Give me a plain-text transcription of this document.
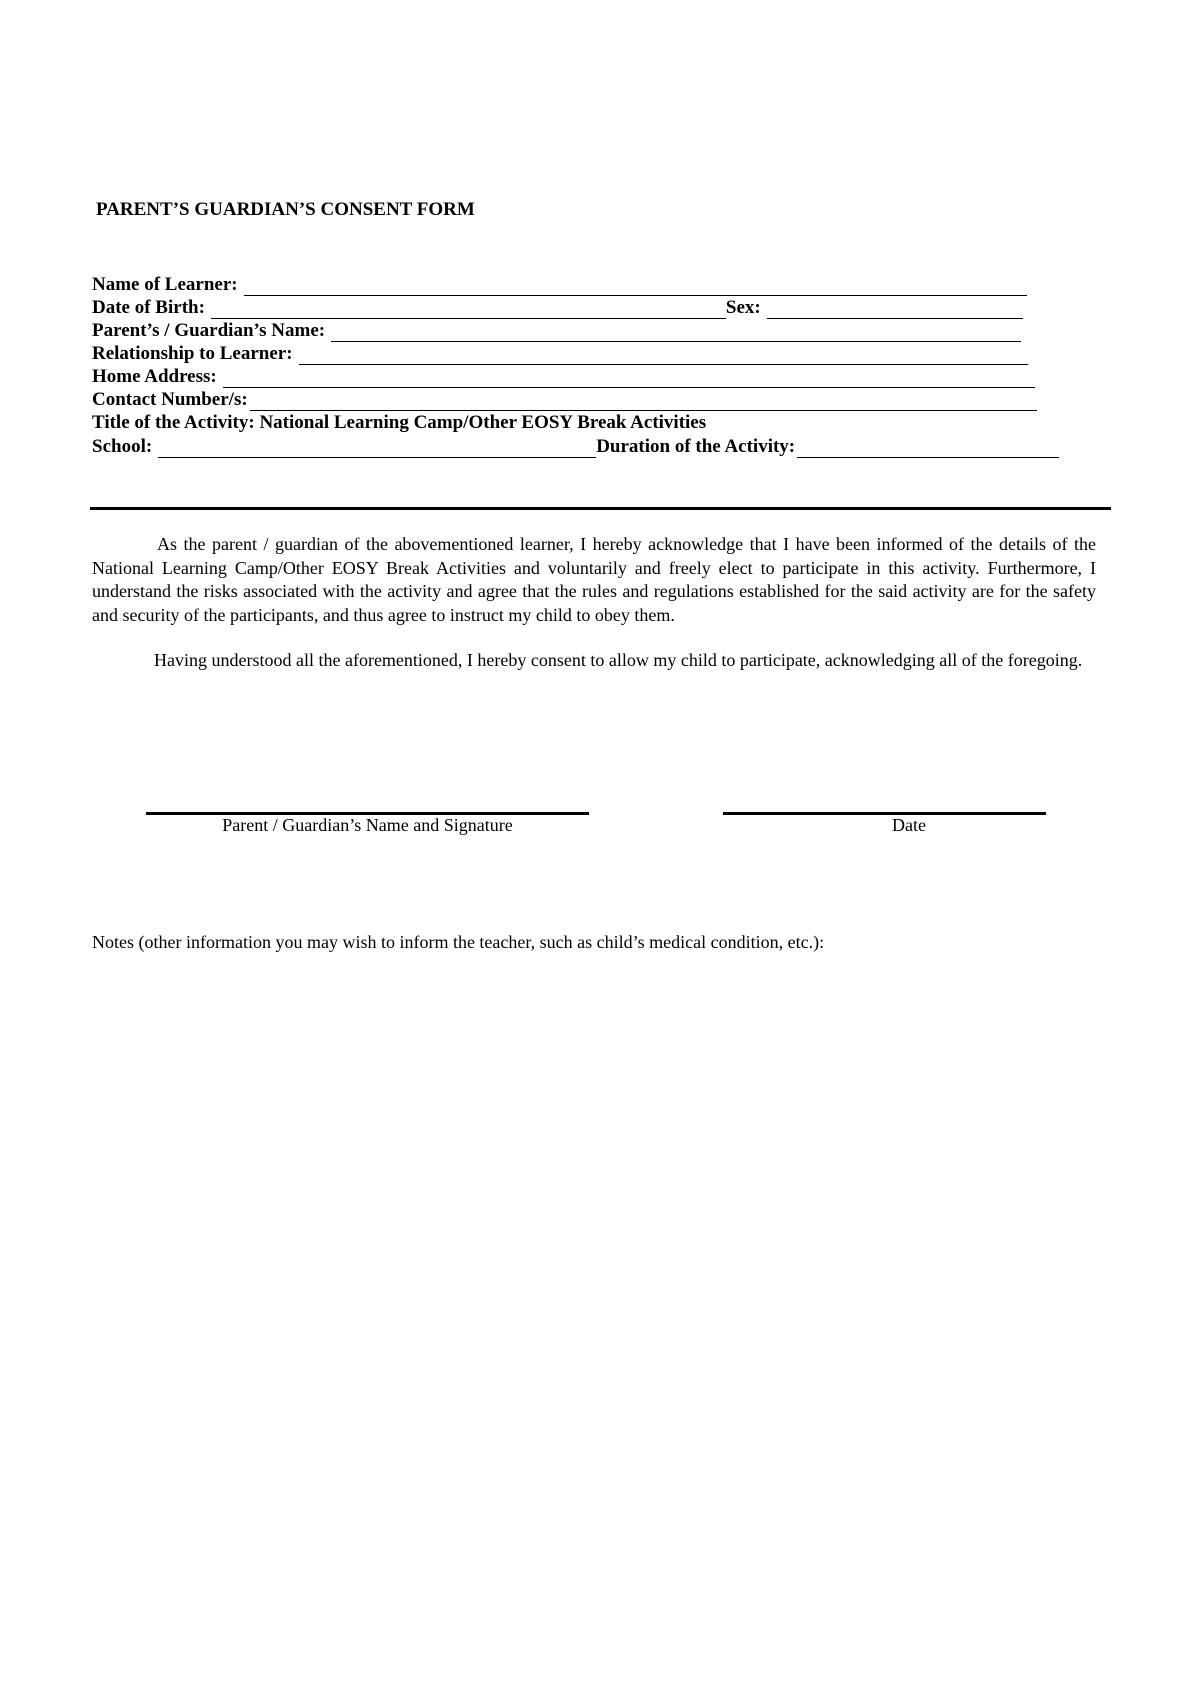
PARENT’S GUARDIAN’S CONSENT FORM
Name of Learner:
Date of Birth:	Sex:
Parent’s / Guardian’s Name:
Relationship to Learner:
Home Address:
Contact Number/s:
Title of the Activity: National Learning Camp/Other EOSY Break Activities
School:	Duration of the Activity:
As the parent / guardian of the abovementioned learner, I hereby acknowledge that I have been informed of the details of the National Learning Camp/Other EOSY Break Activities and voluntarily and freely elect to participate in this activity. Furthermore, I understand the risks associated with the activity and agree that the rules and regulations established for the said activity are for the safety and security of the participants, and thus agree to instruct my child to obey them.
Having understood all the aforementioned, I hereby consent to allow my child to participate, acknowledging all of the foregoing.
Parent / Guardian’s Name and Signature	Date
Notes (other information you may wish to inform the teacher, such as child’s medical condition, etc.):
